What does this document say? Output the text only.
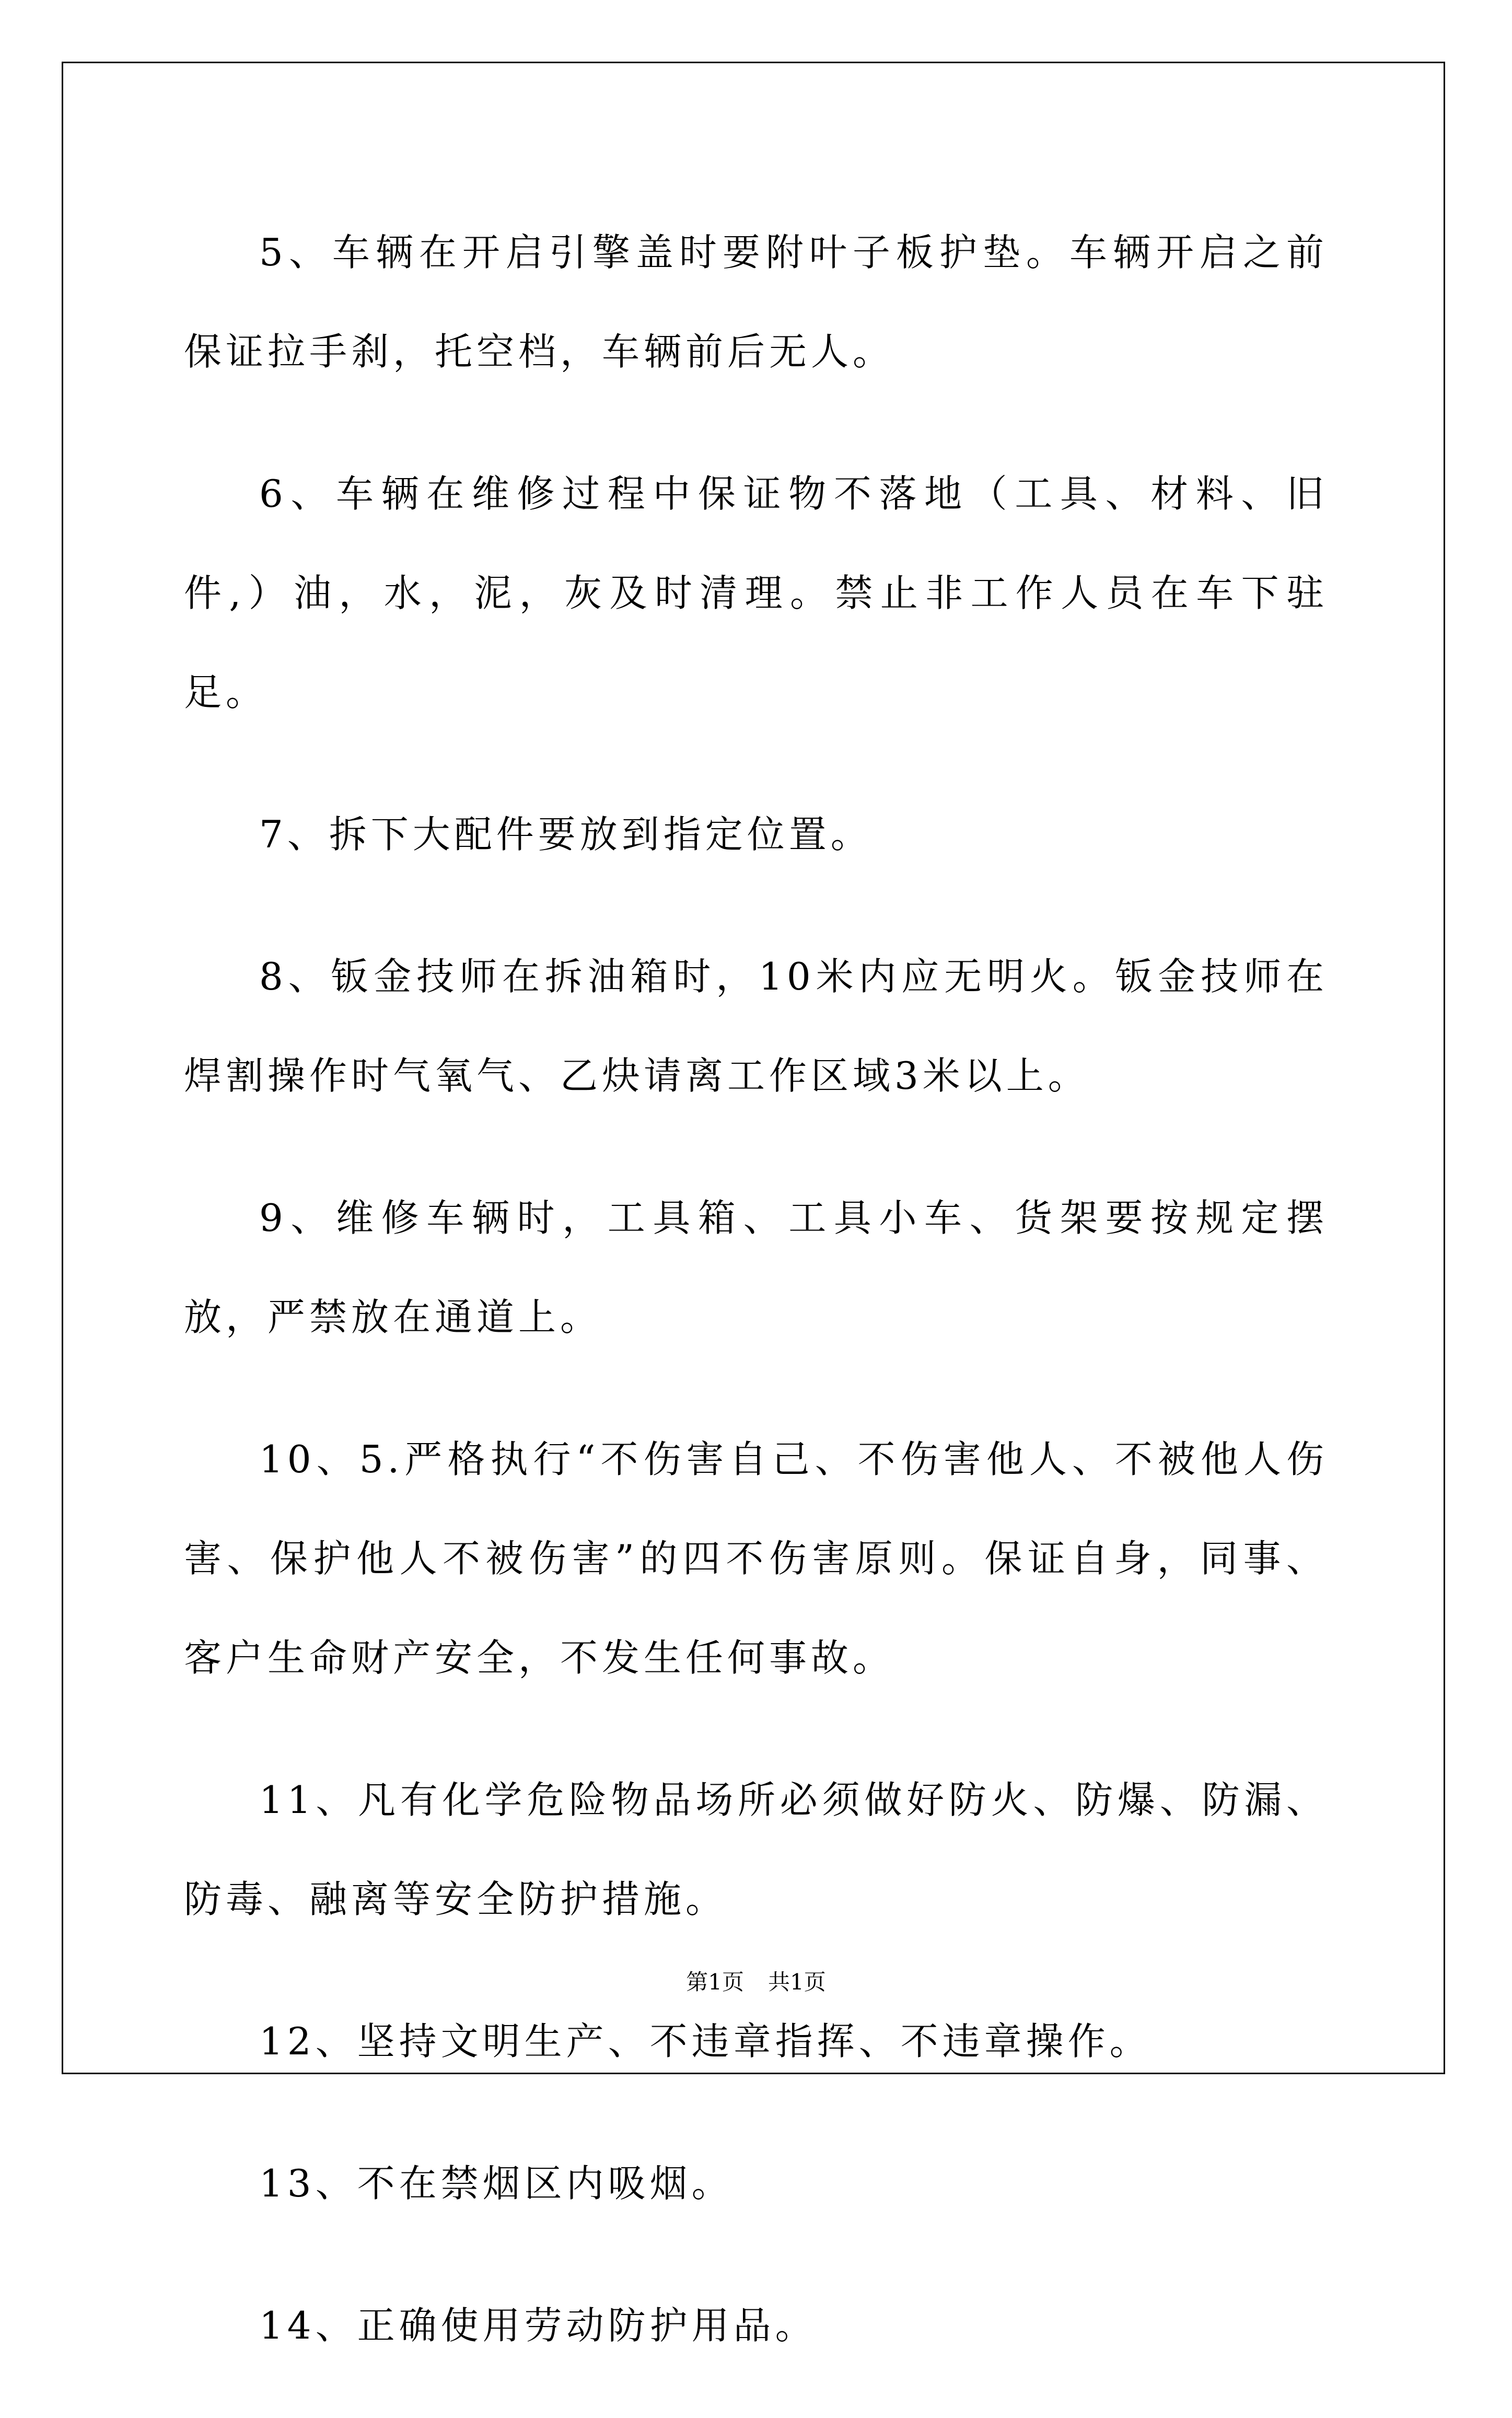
5、车辆在开启引擎盖时要附叶子板护垫。车辆开启之前保证拉手刹，托空档，车辆前后无人。

6、车辆在维修过程中保证物不落地（工具、材料、旧件,）油，水，泥，灰及时清理。禁止非工作人员在车下驻足。

7、拆下大配件要放到指定位置。

8、钣金技师在拆油箱时，10米内应无明火。钣金技师在焊割操作时气氧气、乙炔请离工作区域3米以上。

9、维修车辆时，工具箱、工具小车、货架要按规定摆放，严禁放在通道上。

10、5.严格执行“不伤害自己、不伤害他人、不被他人伤害、保护他人不被伤害”的四不伤害原则。保证自身，同事、客户生命财产安全，不发生任何事故。

11、凡有化学危险物品场所必须做好防火、防爆、防漏、防毒、融离等安全防护措施。

12、坚持文明生产、不违章指挥、不违章操作。

13、不在禁烟区内吸烟。

14、正确使用劳动防护用品。

第1页 共1页
